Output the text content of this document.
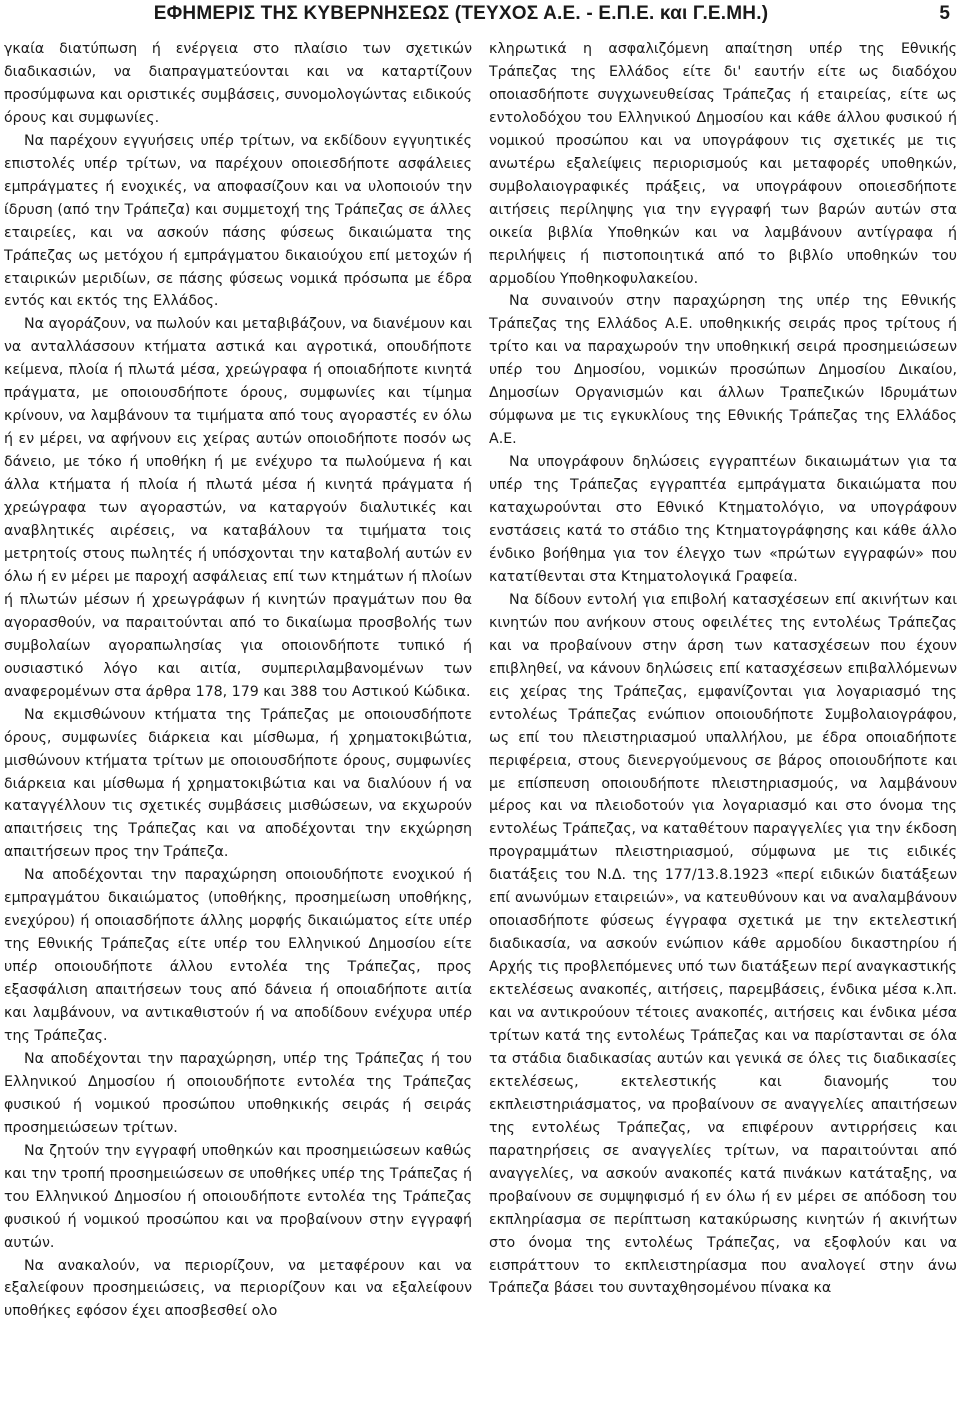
ΕΦΗΜΕΡΙΣ ΤΗΣ ΚΥΒΕΡΝΗΣΕΩΣ (ΤΕΥΧΟΣ Α.Ε. - Ε.Π.Ε. και Γ.Ε.ΜΗ.)	5

γκαία διατύπωση ή ενέργεια στο πλαίσιο των σχετικών διαδικασιών, να διαπραγματεύονται και να καταρτίζουν προσύμφωνα και οριστικές συμβάσεις, συνομολογώντας ειδικούς όρους και συμφωνίες.

Να παρέχουν εγγυήσεις υπέρ τρίτων, να εκδίδουν εγγυητικές επιστολές υπέρ τρίτων, να παρέχουν οποιεσδήποτε ασφάλειες εμπράγματες ή ενοχικές, να αποφασίζουν και να υλοποιούν την ίδρυση (από την Τράπεζα) και συμμετοχή της Τράπεζας σε άλλες εταιρείες, και να ασκούν πάσης φύσεως δικαιώματα της Τράπεζας ως μετόχου ή εμπράγματου δικαιούχου επί μετοχών ή εταιρικών μεριδίων, σε πάσης φύσεως νομικά πρόσωπα με έδρα εντός και εκτός της Ελλάδος.

Να αγοράζουν, να πωλούν και μεταβιβάζουν, να διανέμουν και να ανταλλάσσουν κτήματα αστικά και αγροτικά, οπουδήποτε κείμενα, πλοία ή πλωτά μέσα, χρεώγραφα ή οποιαδήποτε κινητά πράγματα, με οποιουσδήποτε όρους, συμφωνίες και τίμημα κρίνουν, να λαμβάνουν τα τιμήματα από τους αγοραστές εν όλω ή εν μέρει, να αφήνουν εις χείρας αυτών οποιοδήποτε ποσόν ως δάνειο, με τόκο ή υποθήκη ή με ενέχυρο τα πωλούμενα ή και άλλα κτήματα ή πλοία ή πλωτά μέσα ή κινητά πράγματα ή χρεώγραφα των αγοραστών, να καταργούν διαλυτικές και αναβλητικές αιρέσεις, να καταβάλουν τα τιμήματα τοις μετρητοίς στους πωλητές ή υπόσχονται την καταβολή αυτών εν όλω ή εν μέρει με παροχή ασφάλειας επί των κτημάτων ή πλοίων ή πλωτών μέσων ή χρεωγράφων ή κινητών πραγμάτων που θα αγορασθούν, να παραιτούνται από το δικαίωμα προσβολής των συμβολαίων αγοραπωλησίας για οποιονδήποτε τυπικό ή ουσιαστικό λόγο και αιτία, συμπεριλαμβανομένων των αναφερομένων στα άρθρα 178, 179 και 388 του Αστικού Κώδικα.

Να εκμισθώνουν κτήματα της Τράπεζας με οποιουσδήποτε όρους, συμφωνίες διάρκεια και μίσθωμα, ή χρηματοκιβώτια, μισθώνουν κτήματα τρίτων με οποιουσδήποτε όρους, συμφωνίες διάρκεια και μίσθωμα ή χρηματοκιβώτια και να διαλύουν ή να καταγγέλλουν τις σχετικές συμβάσεις μισθώσεων, να εκχωρούν απαιτήσεις της Τράπεζας και να αποδέχονται την εκχώρηση απαιτήσεων προς την Τράπεζα.

Να αποδέχονται την παραχώρηση οποιουδήποτε ενοχικού ή εμπραγμάτου δικαιώματος (υποθήκης, προσημείωση υποθήκης, ενεχύρου) ή οποιασδήποτε άλλης μορφής δικαιώματος είτε υπέρ της Εθνικής Τράπεζας είτε υπέρ του Ελληνικού Δημοσίου είτε υπέρ οποιουδήποτε άλλου εντολέα της Τράπεζας, προς εξασφάλιση απαιτήσεων τους από δάνεια ή οποιαδήποτε αιτία και λαμβάνουν, να αντικαθιστούν ή να αποδίδουν ενέχυρα υπέρ της Τράπεζας.

Να αποδέχονται την παραχώρηση, υπέρ της Τράπεζας ή του Ελληνικού Δημοσίου ή οποιουδήποτε εντολέα της Τράπεζας φυσικού ή νομικού προσώπου υποθηκικής σειράς ή σειράς προσημειώσεων τρίτων.

Να ζητούν την εγγραφή υποθηκών και προσημειώσεων καθώς και την τροπή προσημειώσεων σε υποθήκες υπέρ της Τράπεζας ή του Ελληνικού Δημοσίου ή οποιουδήποτε εντολέα της Τράπεζας φυσικού ή νομικού προσώπου και να προβαίνουν στην εγγραφή αυτών.

Να ανακαλούν, να περιορίζουν, να μεταφέρουν και να εξαλείφουν προσημειώσεις, να περιορίζουν και να εξαλείφουν υποθήκες εφόσον έχει αποσβεσθεί ολο

κληρωτικά η ασφαλιζόμενη απαίτηση υπέρ της Εθνικής Τράπεζας της Ελλάδος είτε δι' εαυτήν είτε ως διαδόχου οποιασδήποτε συγχωνευθείσας Τράπεζας ή εταιρείας, είτε ως εντολοδόχου του Ελληνικού Δημοσίου και κάθε άλλου φυσικού ή νομικού προσώπου και να υπογράφουν τις σχετικές με τις ανωτέρω εξαλείψεις περιορισμούς και μεταφορές υποθηκών, συμβολαιογραφικές πράξεις, να υπογράφουν οποιεσδήποτε αιτήσεις περίληψης για την εγγραφή των βαρών αυτών στα οικεία βιβλία Υποθηκών και να λαμβάνουν αντίγραφα ή περιλήψεις ή πιστοποιητικά από το βιβλίο υποθηκών του αρμοδίου Υποθηκοφυλακείου.

Να συναινούν στην παραχώρηση της υπέρ της Εθνικής Τράπεζας της Ελλάδος Α.Ε. υποθηκικής σειράς προς τρίτους ή τρίτο και να παραχωρούν την υποθηκική σειρά προσημειώσεων υπέρ του Δημοσίου, νομικών προσώπων Δημοσίου Δικαίου, Δημοσίων Οργανισμών και άλλων Τραπεζικών Ιδρυμάτων σύμφωνα με τις εγκυκλίους της Εθνικής Τράπεζας της Ελλάδος Α.Ε.

Να υπογράφουν δηλώσεις εγγραπτέων δικαιωμάτων για τα υπέρ της Τράπεζας εγγραπτέα εμπράγματα δικαιώματα που καταχωρούνται στο Εθνικό Κτηματολόγιο, να υπογράφουν ενστάσεις κατά το στάδιο της Κτηματογράφησης και κάθε άλλο ένδικο βοήθημα για τον έλεγχο των «πρώτων εγγραφών» που κατατίθενται στα Κτηματολογικά Γραφεία.

Να δίδουν εντολή για επιβολή κατασχέσεων επί ακινήτων και κινητών που ανήκουν στους οφειλέτες της εντολέως Τράπεζας και να προβαίνουν στην άρση των κατασχέσεων που έχουν επιβληθεί, να κάνουν δηλώσεις επί κατασχέσεων επιβαλλόμενων εις χείρας της Τράπεζας, εμφανίζονται για λογαριασμό της εντολέως Τράπεζας ενώπιον οποιουδήποτε Συμβολαιογράφου, ως επί του πλειστηριασμού υπαλλήλου, με έδρα οποιαδήποτε περιφέρεια, στους διενεργούμενους σε βάρος οποιουδήποτε και με επίσπευση οποιουδήποτε πλειστηριασμούς, να λαμβάνουν μέρος και να πλειοδοτούν για λογαριασμό και στο όνομα της εντολέως Τράπεζας, να καταθέτουν παραγγελίες για την έκδοση προγραμμάτων πλειστηριασμού, σύμφωνα με τις ειδικές διατάξεις του Ν.Δ. της 177/13.8.1923 «περί ειδικών διατάξεων επί ανωνύμων εταιρειών», να κατευθύνουν και να αναλαμβάνουν οποιασδήποτε φύσεως έγγραφα σχετικά με την εκτελεστική διαδικασία, να ασκούν ενώπιον κάθε αρμοδίου δικαστηρίου ή Αρχής τις προβλεπόμενες υπό των διατάξεων περί αναγκαστικής εκτελέσεως ανακοπές, αιτήσεις, παρεμβάσεις, ένδικα μέσα κ.λπ. και να αντικρούουν τέτοιες ανακοπές, αιτήσεις και ένδικα μέσα τρίτων κατά της εντολέως Τράπεζας και να παρίστανται σε όλα τα στάδια διαδικασίας αυτών και γενικά σε όλες τις διαδικασίες εκτελέσεως, εκτελεστικής και διανομής του εκπλειστηριάσματος, να προβαίνουν σε αναγγελίες απαιτήσεων της εντολέως Τράπεζας, να επιφέρουν αντιρρήσεις και παρατηρήσεις σε αναγγελίες τρίτων, να παραιτούνται από αναγγελίες, να ασκούν ανακοπές κατά πινάκων κατάταξης, να προβαίνουν σε συμψηφισμό ή εν όλω ή εν μέρει σε απόδοση του εκπληρίασμα σε περίπτωση κατακύρωσης κινητών ή ακινήτων στο όνομα της εντολέως Τράπεζας, να εξοφλούν και να εισπράττουν το εκπλειστηρίασμα που αναλογεί στην άνω Τράπεζα βάσει του συνταχθησομένου πίνακα κα
